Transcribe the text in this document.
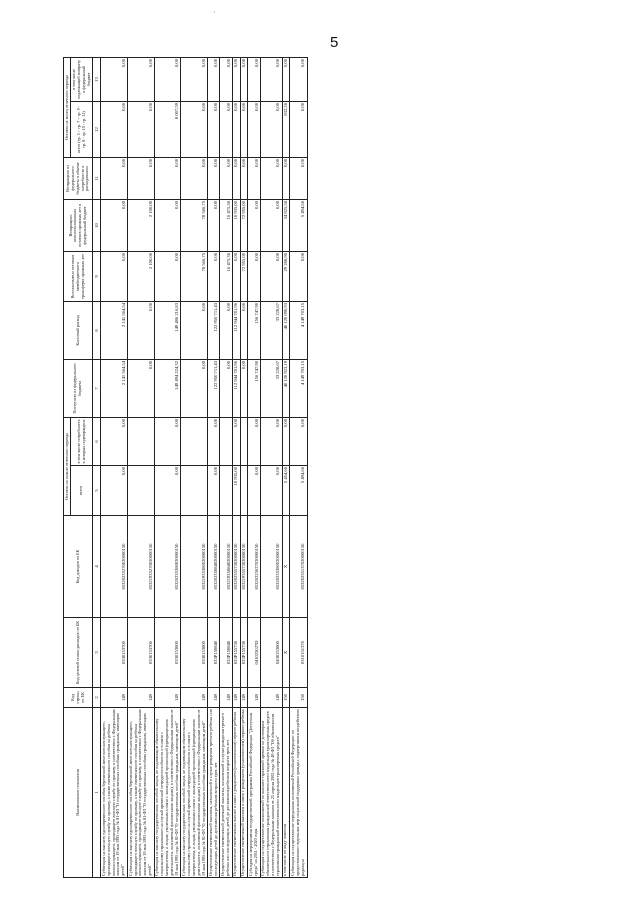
5
'
Наименование показателя	Код строки по ЕК	Код целевой статьи расходов по БК	Код доходов по БК	Остаток на начало отчетного периода		Поступило из федерального бюджета	Кассовый расход	Восстановлено остатков межбюджетного трансферта прошлых лет	Возвращено неиспользованных остатков прошлых лет в федеральный бюджет	Возвращено из федерального бюджета в объеме потребности в расходовании	Остаток на конец отчетного периода	
				всего	в том числе потребность в которых подтверждена						всего (гр. 5 + гр. 7 + гр. 9 - гр. 8 - гр. 10 - гр. 11)	в том числе подлежащий возврату в федеральный бюджет
1	2	3	4	5	6	7	8	9	10	11	12	13
Субвенция на выплату единовременного пособия беременной жене военнослужащего, проходящего военную службу по призыву, а также ежемесячного пособия на ребенка военнослужащего, проходящего военную службу по призыву, в соответствии с Федеральным законом от 19 мая 1995 года № 81-ФЗ "О государственных пособиях гражданам, имеющим детей"	149	0330153700	85320235270020000150	0,00	0,00	2 141 564,54	2 141 564,54	0,00	0,00	0,00	0,00	0,00
Субвенция на выплату единовременного пособия беременной жене военнослужащего, проходящего военную службу по призыву, а также ежемесячного пособия на ребенка военнослужащего, проходящего военную службу по призыву, в соответствии с Федеральным законом от 19 мая 1995 года № 81-ФЗ "О государственных пособиях гражданам, имеющим детей"	149	0330153700	85321935270020000150			0,00	0,00	2 100,00	2 100,00	0,00	0,00	0,00
Субвенция на выплату государственных пособий лицам, не подлежащим обязательному социальному страхованию на случай временной нетрудоспособности и в связи с материнством, и лицам, уволенным в связи с ликвидацией организаций (прекращением деятельности, полномочий физическими лицами), в соответствии с Федеральным законом от 19 мая 1995 года № 81-ФЗ "О государственных пособиях гражданам, имеющим детей"	149	0330153800	85320235380020000150	0,00	0,00	149 494 224,32	149 486 216,83	0,00	0,00	0,00	8 007,59	0,00
Субвенция на выплату государственных пособий лицам, не подлежащим обязательному социальному страхованию на случай временной нетрудоспособности и в связи с материнством, и лицам, уволенным в связи с ликвидацией организаций (прекращением деятельности, полномочий физическими лицами), в соответствии с Федеральным законом от 19 мая 1995 года № 81-ФЗ "О государственных пособиях гражданам, имеющим детей"	149	0330153800	85321935380020000150			0,00	0,00	78 566,75	78 566,75	0,00	0,00	0,00
Осуществление ежемесячной выплаты, назначенной в случае рождения третьего ребенка или последующих детей до достижения ребенком возраста трех лет	149	033P150840	85320235084020000150	0,00	0,00	122 950 711,43	122 950 711,43	0,00	0,00	0,00	0,00	0,00
Осуществление ежемесячной денежной выплаты, назначенной в случае рождения третьего ребенка или последующих детей до достижения ребенком возраста трех лет	149	033P150840	85321935084020000150			0,00	0,00	16 475,36	16 475,36	0,00	0,00	0,00
Осуществление ежемесячных выплат в связи с рождением (усыновлением) первого ребенка	149	033P155730	85320235573020000150	10 935,00	0,00	112 944 781,96	112 944 781,96	0,00	10 935,00	0,00	0,00	0,00
Осуществление ежемесячной выплаты в связи с рождением (усыновлением) первого ребенка	149	033P155730	85321935573020000150			0,00	0,00	72 955,00	72 955,00	0,00	0,00	0,00
Субсидия на мероприятия государственной программы Российской Федерации "Доступная среда" на 2011 - 2020 годы	149	041025027D	85320225027020000150	0,00	0,00	156 747,90	156 747,90	0,00	0,00	0,00	0,00	0,00
Субвенция на осуществление полномочий по выплате страховой премии по договорам обязательного страхования гражданской ответственности владельцев транспортных средств в соответствии с Федеральным законом от 25 апреля 2002 года № 40-ФЗ "Об обязательном страховании гражданской ответственности владельцев транспортных средств"	149	0430253800	85320235380020000150	0,00	0,00	33 228,67	33 228,67	0,00	0,00	0,00	0,00	0,00
в том числе по виду гашения	150	X	X	5 454,66	0,00	40 120 923,19	40 120 090,93	29 288,90	34 825,58	0,00	832,26	0,00
Субвенция на осуществление переданных полномочий Российской Федерации по предоставлению отдельных мер социальной поддержки граждан, подвергшихся воздействию радиации	150	0310151370	85320235137020000150	5 494,66	0,00	4 149 703,15	4 149 703,15	0,00	5 494,66	0,00	0,00	0,00
